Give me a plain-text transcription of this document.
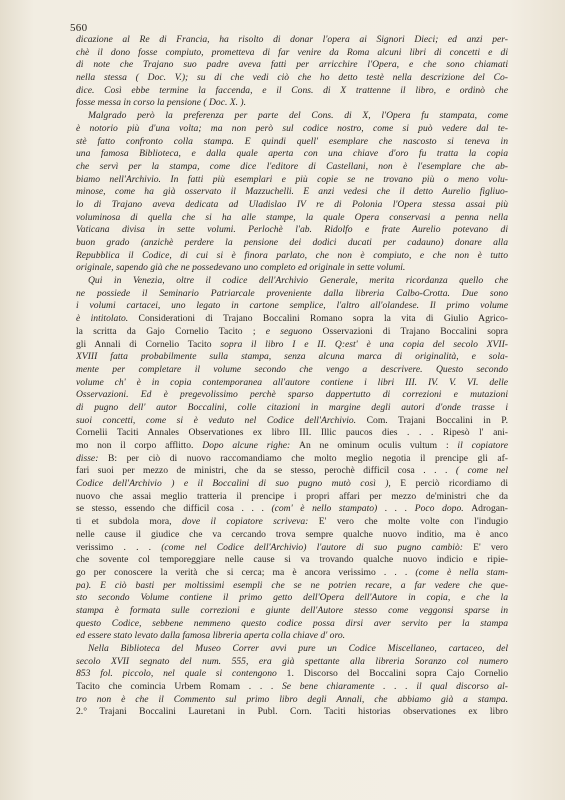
560
dicazione al Re di Francia, ha risolto di donar l'opera ai Signori Dieci; ed anzi per-
chè il dono fosse compiuto, prometteva di far venire da Roma alcuni libri di concetti e di
di note che Trajano suo padre aveva fatti per arricchire l'Opera, e che sono chiamati
nella stessa ( Doc. V.); su di che vedi ciò che ho detto testè nella descrizione del Co-
dice. Così ebbe termine la faccenda, e il Cons. di X trattenne il libro, e ordinò che
fosse messa in corso la pensione ( Doc. X. ).
Malgrado però la preferenza per parte del Cons. di X, l'Opera fu stampata, come
è notorio più d'una volta; ma non però sul codice nostro, come si può vedere dal te-
stè fatto confronto colla stampa. E quindi quell' esemplare che nascosto si teneva in
una famosa Biblioteca, e dalla quale aperta con una chiave d'oro fu tratta la copia
che servì per la stampa, come dice l'editore di Castellani, non è l'esemplare che ab-
biamo nell'Archivio. In fatti più esemplari e più copie se ne trovano più o meno volu-
minose, come ha già osservato il Mazzuchelli. E anzi vedesi che il detto Aurelio figliuo-
lo di Trajano aveva dedicata ad Uladislao IV re di Polonia l'Opera stessa assai più
voluminosa di quella che si ha alle stampe, la quale Opera conservasi a penna nella
Vaticana divisa in sette volumi. Perlochè l'ab. Ridolfo e frate Aurelio potevano di
buon grado (anzichè perdere la pensione dei dodici ducati per cadauno) donare alla
Repubblica il Codice, di cui si è finora parlato, che non è compiuto, e che non è tutto
originale, sapendo già che ne possedevano uno completo ed originale in sette volumi.
Qui in Venezia, oltre il codice dell'Archivio Generale, merita ricordanza quello che
ne possiede il Seminario Patriarcale proveniente dalla libreria Calbo-Crotta. Due sono
i volumi cartacei, uno legato in cartone semplice, l'altro all'olandese. Il primo volume
è intitolato. Considerationi di Trajano Boccalini Romano sopra la vita di Giulio Agrico-
la scritta da Gajo Cornelio Tacito ; e seguono Osservazioni di Trajano Boccalini sopra
gli Annali di Cornelio Tacito sopra il libro I e II. Q:est' è una copia del secolo XVII-
XVIII fatta probabilmente sulla stampa, senza alcuna marca di originalità, e sola-
mente per completare il volume secondo che vengo a descrivere. Questo secondo
volume ch' è in copia contemporanea all'autore contiene i libri III. IV. V. VI. delle
Osservazioni. Ed è pregevolissimo perchè sparso dappertutto di correzioni e mutazioni
di pugno dell' autor Boccalini, colle citazioni in margine degli autori d'onde trasse i
suoi concetti, come si è veduto nel Codice dell'Archivio. Com. Trajani Boccalini in P.
Cornelii Taciti Annales Observationes ex libro III. Illic paucos dies . . . Ripesò l' ani-
mo non il corpo afflitto. Dopo alcune righe: An ne ominum oculis vultum : il copiatore
disse: B: per ciò di nuovo raccomandiamo che molto meglio negotia il prencipe gli af-
fari suoi per mezzo de ministri, che da se stesso, perochè difficil cosa . . . ( come nel
Codice dell'Archivio ) e il Boccalini di suo pugno mutò così ), E perciò ricordiamo di
nuovo che assai meglio tratteria il prencipe i propri affari per mezzo de'ministri che da
se stesso, essendo che difficil cosa . . . (com' è nello stampato) . . . Poco dopo. Adrogan-
ti et subdola mora, dove il copiatore scriveva: E' vero che molte volte con l'indugio
nelle cause il giudice che va cercando trova sempre qualche nuovo inditio, ma è anco
verissimo . . . (come nel Codice dell'Archivio) l'autore di suo pugno cambiò: E' vero
che sovente col temporeggiare nelle cause si va trovando qualche nuovo indicio e ripie-
go per conoscere la verità che si cerca; ma è ancora verissimo . . . (come è nella stam-
pa). E ciò basti per moltissimi esempli che se ne potrien recare, a far vedere che que-
sto secondo Volume contiene il primo getto dell'Opera dell'Autore in copia, e che la
stampa è formata sulle correzioni e giunte dell'Autore stesso come veggonsi sparse in
questo Codice, sebbene nemmeno questo codice possa dirsi aver servito per la stampa
ed essere stato levato dalla famosa libreria aperta colla chiave d' oro.
Nella Biblioteca del Museo Correr avvi pure un Codice Miscellaneo, cartaceo, del
secolo XVII segnato del num. 555, era già spettante alla libreria Soranzo col numero
853 fol. piccolo, nel quale si contengono 1. Discorso del Boccalini sopra Cajo Cornelio
Tacito che comincia Urbem Romam . . . Se bene chiaramente . . . il qual discorso al-
tro non è che il Commento sul primo libro degli Annali, che abbiamo già a stampa.
2.° Trajani Boccalini Lauretani in Publ. Corn. Taciti historias observationes ex libro
